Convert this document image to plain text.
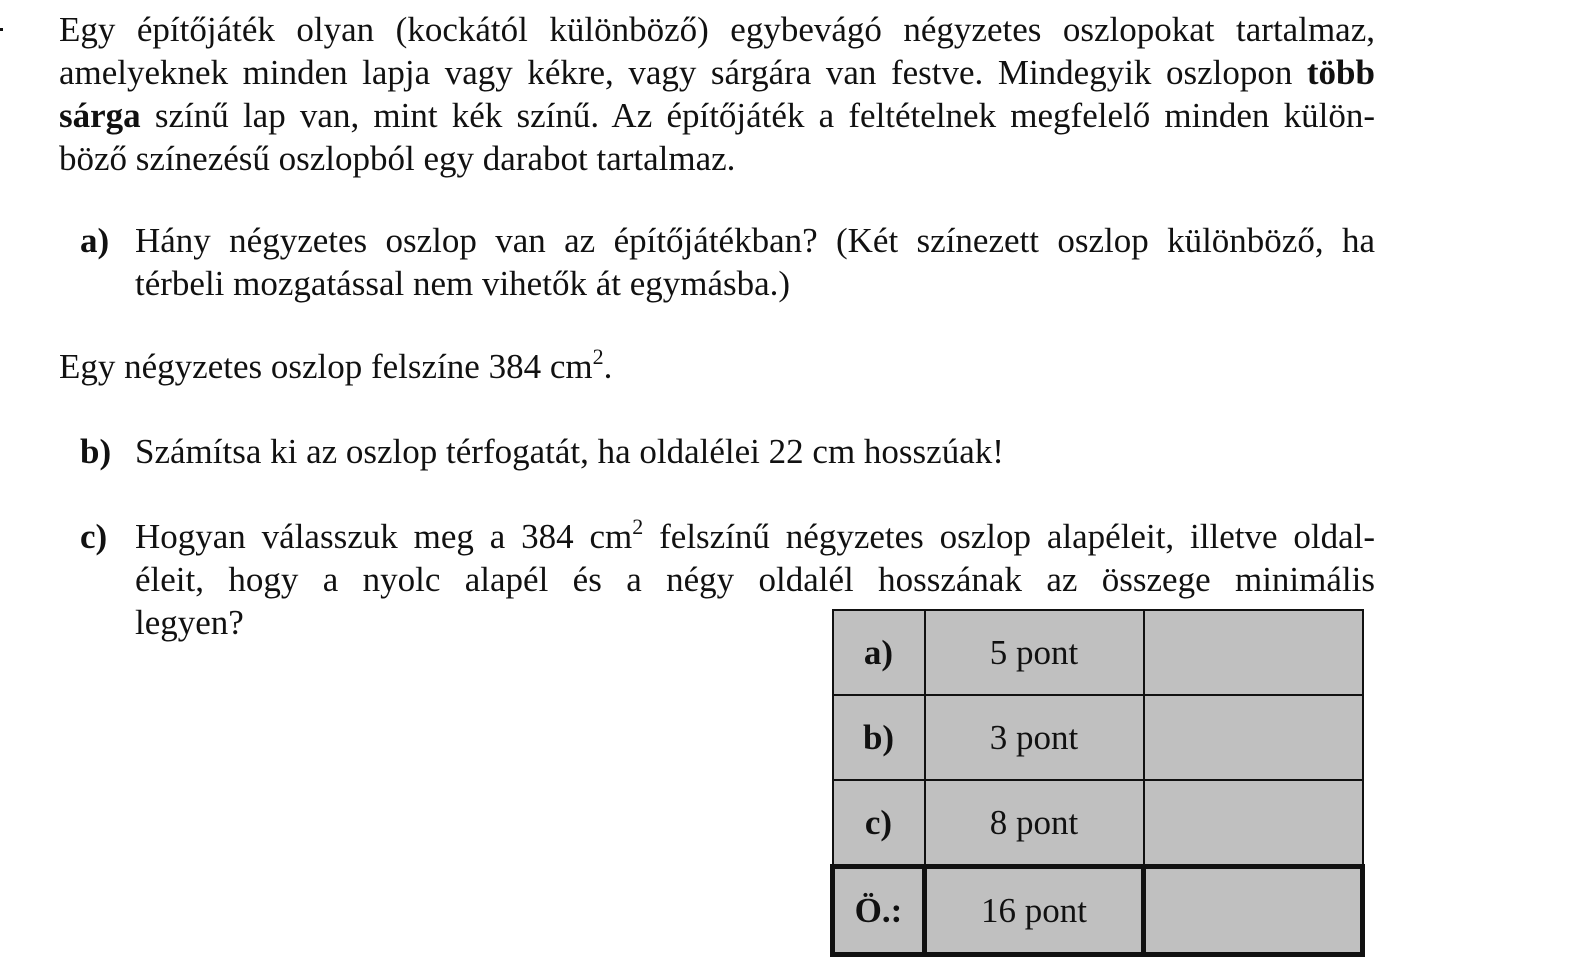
Egy építőjáték olyan (kockától különböző) egybevágó négyzetes oszlopokat tartalmaz,
amelyeknek minden lapja vagy kékre, vagy sárgára van festve. Mindegyik oszlopon több
sárga színű lap van, mint kék színű. Az építőjáték a feltételnek megfelelő minden külön-
böző színezésű oszlopból egy darabot tartalmaz.
a) Hány négyzetes oszlop van az építőjátékban? (Két színezett oszlop különböző, ha
térbeli mozgatással nem vihetők át egymásba.)
Egy négyzetes oszlop felszíne 384 $cm^2$.
b) Számítsa ki az oszlop térfogatát, ha oldalélei 22 cm hosszúak!
c) Hogyan válasszuk meg a 384 $cm^2$ felszínű négyzetes oszlop alapéleit, illetve oldal-
éleit, hogy a nyolc alapél és a négy oldalél hosszának az összege minimális
legyen?
a)	5 pont	
b)	3 pont	
c)	8 pont	
Ö.:	16 pont	
